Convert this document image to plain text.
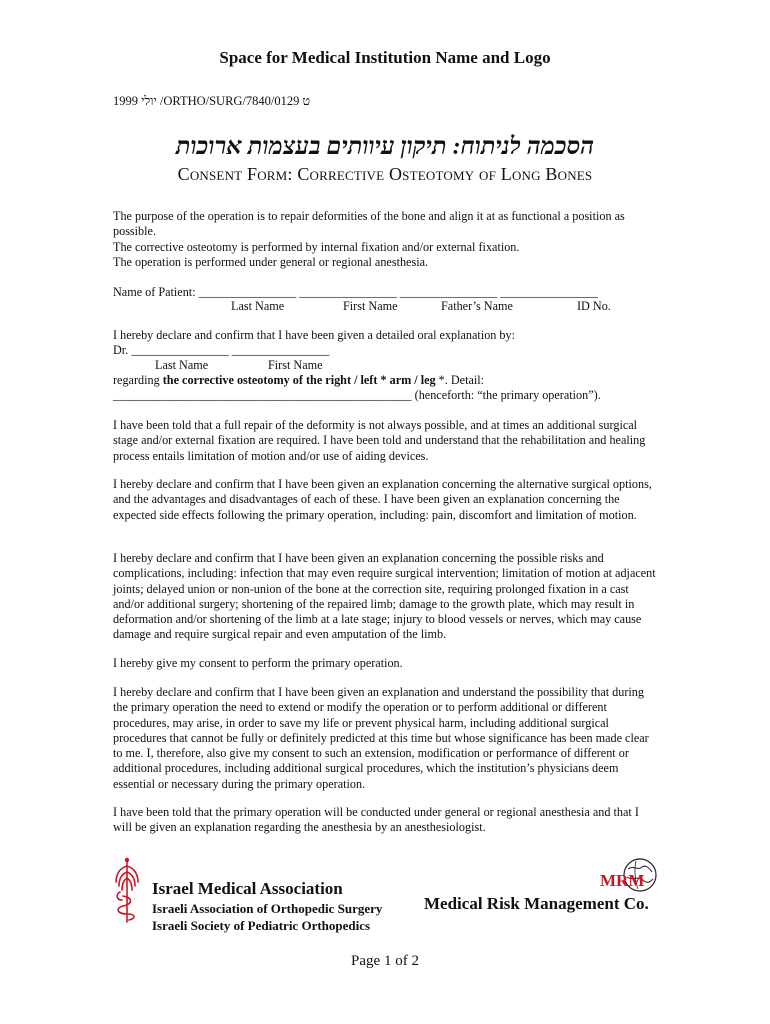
Space for Medical Institution Name and Logo
1999 יולי /ORTHO/SURG/7840/0129 ט
הסכמה לניתוח: תיקון עיוותים בעצמות ארוכות
Consent Form: Corrective Osteotomy of Long Bones

The purpose of the operation is to repair deformities of the bone and align it at as functional a position as possible.

The corrective osteotomy is performed by internal fixation and/or external fixation.

The operation is performed under general or regional anesthesia.

Name of Patient: ________________ ________________ ________________ ________________
Last Name	First Name	Father’s Name	ID No.
I hereby declare and confirm that I have been given a detailed oral explanation by:
Dr. ________________ ________________
Last Name	First Name
regarding the corrective osteotomy of the right / left * arm / leg *. Detail:
_________________________________________________ (henceforth: “the primary operation”).
I have been told that a full repair of the deformity is not always possible, and at times an additional surgical stage and/or external fixation are required. I have been told and understand that the rehabilitation and healing process entails limitation of motion and/or use of aiding devices.
I hereby declare and confirm that I have been given an explanation concerning the alternative surgical options, and the advantages and disadvantages of each of these. I have been given an explanation concerning the expected side effects following the primary operation, including: pain, discomfort and limitation of motion.
I hereby declare and confirm that I have been given an explanation concerning the possible risks and complications, including: infection that may even require surgical intervention; limitation of motion at adjacent joints; delayed union or non-union of the bone at the correction site, requiring prolonged fixation in a cast and/or additional surgery; shortening of the repaired limb; damage to the growth plate, which may result in deformation and/or shortening of the limb at a late stage; injury to blood vessels or nerves, which may cause damage and require surgical repair and even amputation of the limb.
I hereby give my consent to perform the primary operation.
I hereby declare and confirm that I have been given an explanation and understand the possibility that during the primary operation the need to extend or modify the operation or to perform additional or different procedures, may arise, in order to save my life or prevent physical harm, including additional surgical procedures that cannot be fully or definitely predicted at this time but whose significance has been made clear to me. I, therefore, also give my consent to such an extension, modification or performance of different or additional procedures, including additional surgical procedures, which the institution’s physicians deem essential or necessary during the primary operation.
I have been told that the primary operation will be conducted under general or regional anesthesia and that I will be given an explanation regarding the anesthesia by an anesthesiologist.
Israel Medical Association
Israeli Association of Orthopedic Surgery
Israeli Society of Pediatric Orthopedics
MRM
Medical Risk Management Co.
Page 1 of 2
